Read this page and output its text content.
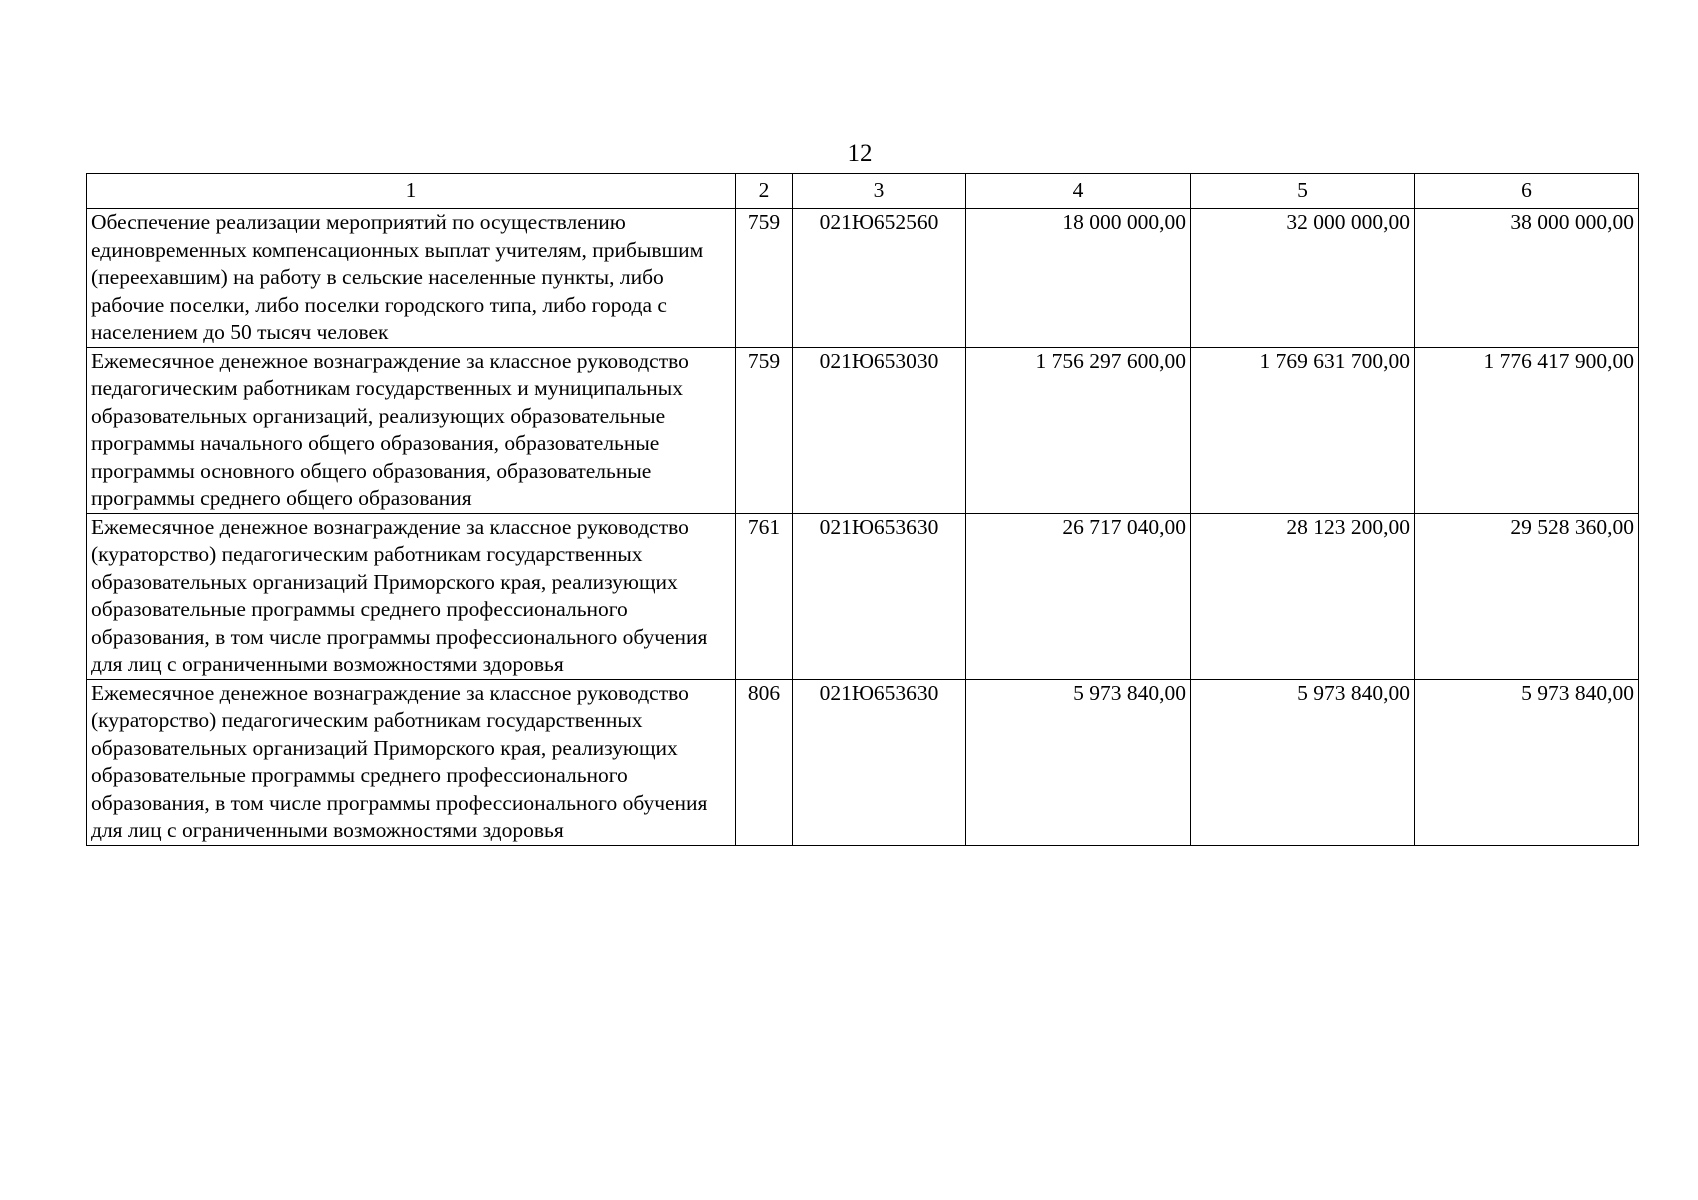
12
1	2	3	4	5	6
Обеспечение реализации мероприятий по осуществлению единовременных компенсационных выплат учителям, прибывшим (переехавшим) на работу в сельские населенные пункты, либо рабочие поселки, либо поселки городского типа, либо города с населением до 50 тысяч человек	759	021Ю652560	18 000 000,00	32 000 000,00	38 000 000,00
Ежемесячное денежное вознаграждение за классное руководство педагогическим работникам государственных и муниципальных образовательных организаций, реализующих образовательные программы начального общего образования, образовательные программы основного общего образования, образовательные программы среднего общего образования	759	021Ю653030	1 756 297 600,00	1 769 631 700,00	1 776 417 900,00
Ежемесячное денежное вознаграждение за классное руководство (кураторство) педагогическим работникам государственных образовательных организаций Приморского края, реализующих образовательные программы среднего профессионального образования, в том числе программы профессионального обучения для лиц с ограниченными возможностями здоровья	761	021Ю653630	26 717 040,00	28 123 200,00	29 528 360,00
Ежемесячное денежное вознаграждение за классное руководство (кураторство) педагогическим работникам государственных образовательных организаций Приморского края, реализующих образовательные программы среднего профессионального образования, в том числе программы профессионального обучения для лиц с ограниченными возможностями здоровья	806	021Ю653630	5 973 840,00	5 973 840,00	5 973 840,00
